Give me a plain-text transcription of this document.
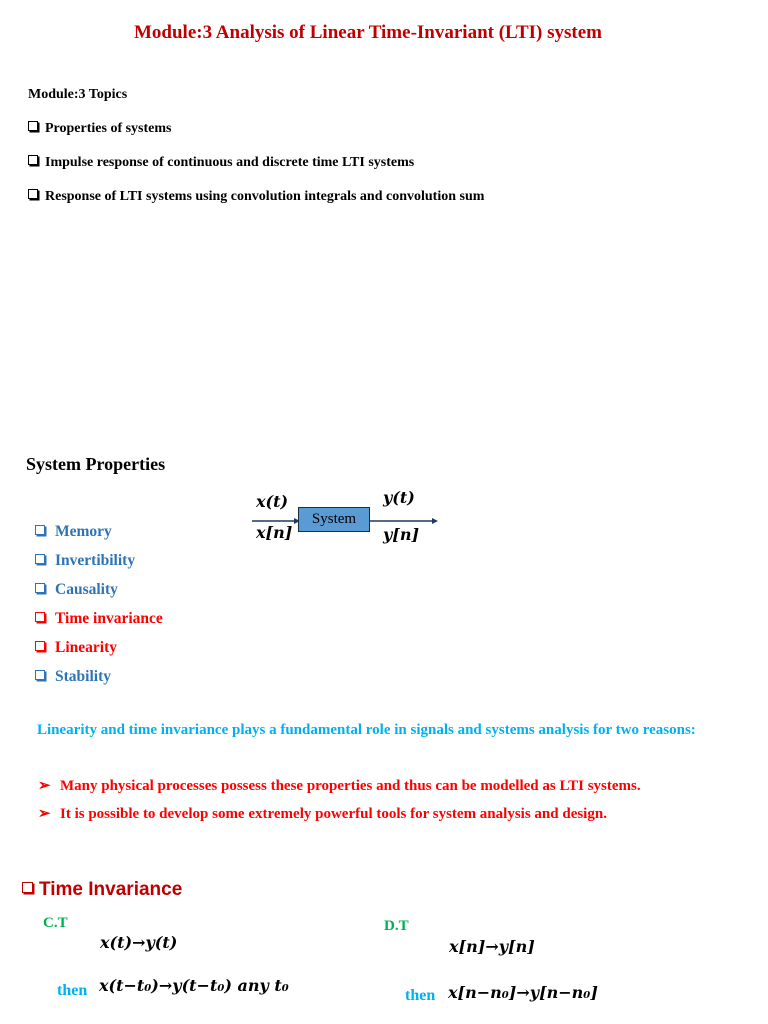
Module:3 Analysis of Linear Time-Invariant (LTI) system
Module:3 Topics
Properties of systems
Impulse response of continuous and discrete time LTI systems
Response of LTI systems using convolution integrals and convolution sum
System Properties
Memory
Invertibility
Causality
Time invariance
Linearity
Stability
x(t)
x[n]
y(t)
y[n]
System
Linearity and time invariance plays a fundamental role in signals and systems analysis for two reasons:
➢ Many physical processes possess these properties and thus can be modelled as LTI systems.
➢ It is possible to develop some extremely powerful tools for system analysis and design.
Time Invariance
C.T	D.T
x(t)→y(t)	x[n]→y[n]
then x(t−t₀)→y(t−t₀) any t₀
then x[n−n₀]→y[n−n₀]
